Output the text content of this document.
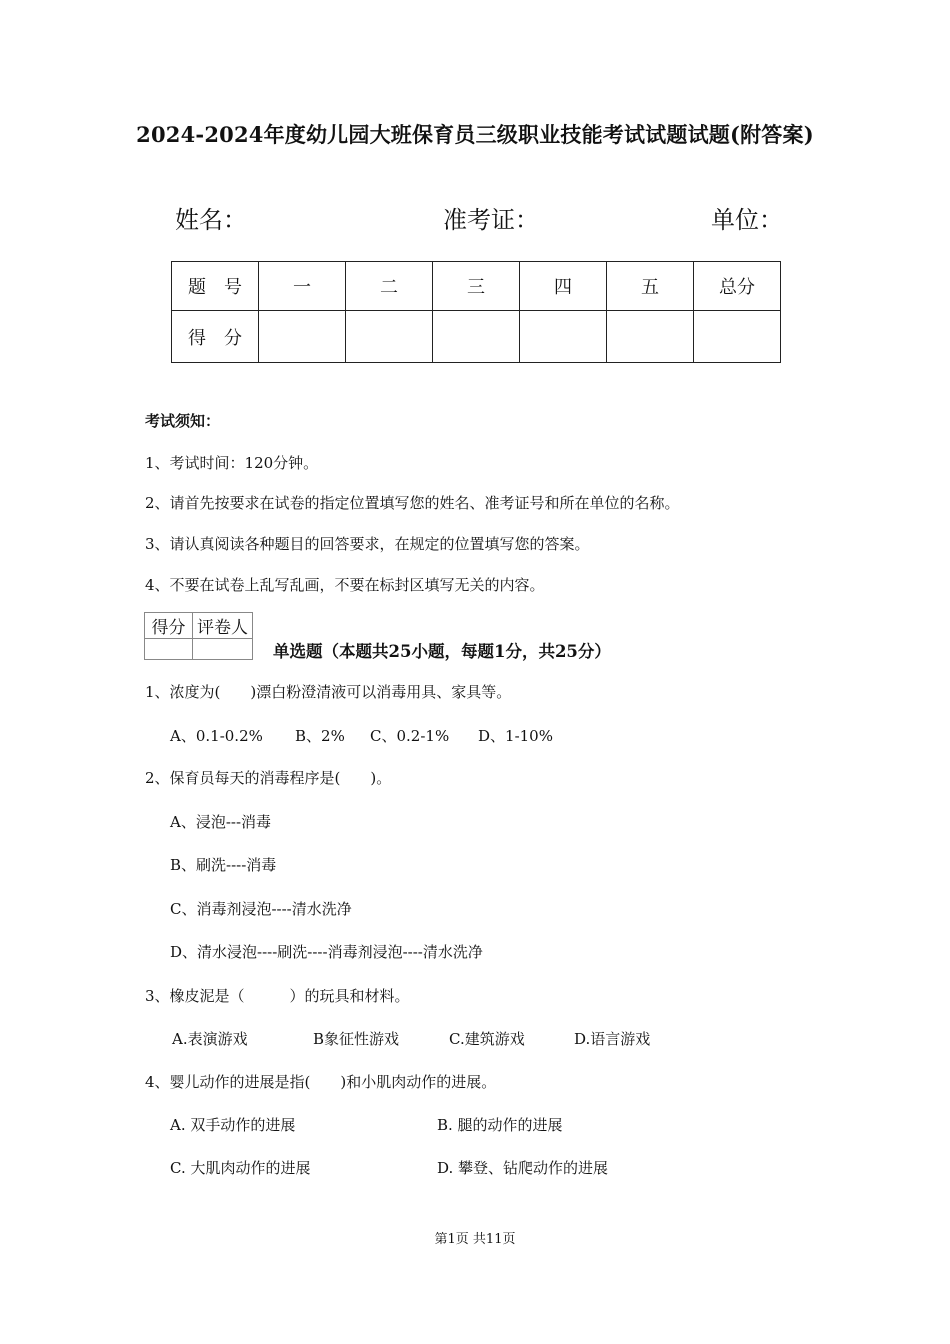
2024-2024年度幼儿园大班保育员三级职业技能考试试题试题(附答案)
姓名：	准考证：	单位：
题　号	一	二	三	四	五	总分
得　分						
考试须知：
1、考试时间：120分钟。
2、请首先按要求在试卷的指定位置填写您的姓名、准考证号和所在单位的名称。
3、请认真阅读各种题目的回答要求，在规定的位置填写您的答案。
4、不要在试卷上乱写乱画，不要在标封区填写无关的内容。
得分	评卷人

单选题（本题共25小题，每题1分，共25分）
1、浓度为(　　)漂白粉澄清液可以消毒用具、家具等。
A、0.1-0.2% B、2% C、0.2-1% D、1-10%
2、保育员每天的消毒程序是(　　)。
A、浸泡---消毒
B、刷洗----消毒
C、消毒剂浸泡----清水洗净
D、清水浸泡----刷洗----消毒剂浸泡----清水洗净
3、橡皮泥是（　　　）的玩具和材料。
A.表演游戏	B象征性游戏	C.建筑游戏	D.语言游戏
4、婴儿动作的进展是指(　　)和小肌肉动作的进展。
A. 双手动作的进展	B. 腿的动作的进展
C. 大肌肉动作的进展	D. 攀登、钻爬动作的进展
第1页 共11页
